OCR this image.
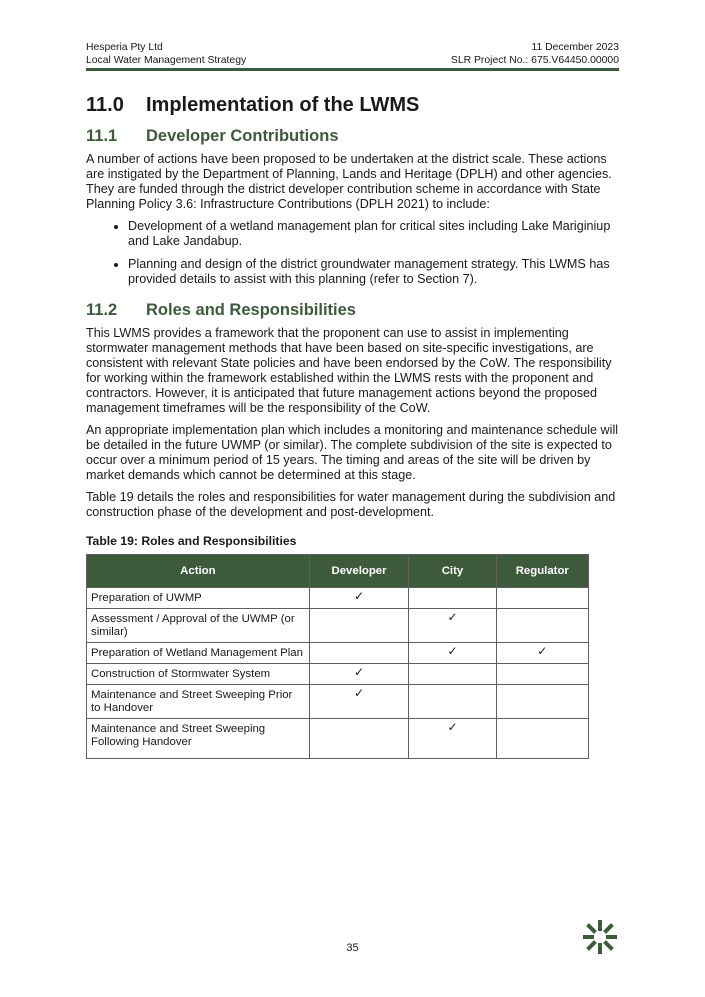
Hesperia Pty Ltd	11 December 2023
Local Water Management Strategy	SLR Project No.: 675.V64450.00000
11.0	Implementation of the LWMS
11.1	Developer Contributions

A number of actions have been proposed to be undertaken at the district scale. These actions are instigated by the Department of Planning, Lands and Heritage (DPLH) and other agencies. They are funded through the district developer contribution scheme in accordance with State Planning Policy 3.6: Infrastructure Contributions (DPLH 2021) to include:

• Development of a wetland management plan for critical sites including Lake Mariginiup and Lake Jandabup.
• Planning and design of the district groundwater management strategy. This LWMS has provided details to assist with this planning (refer to Section 7).
11.2	Roles and Responsibilities

This LWMS provides a framework that the proponent can use to assist in implementing stormwater management methods that have been based on site-specific investigations, are consistent with relevant State policies and have been endorsed by the CoW. The responsibility for working within the framework established within the LWMS rests with the proponent and contractors. However, it is anticipated that future management actions beyond the proposed management timeframes will be the responsibility of the CoW.

An appropriate implementation plan which includes a monitoring and maintenance schedule will be detailed in the future UWMP (or similar). The complete subdivision of the site is expected to occur over a minimum period of 15 years. The timing and areas of the site will be driven by market demands which cannot be determined at this stage.

Table 19 details the roles and responsibilities for water management during the subdivision and construction phase of the development and post-development.

Table 19: Roles and Responsibilities
Action	Developer	City	Regulator
Preparation of UWMP	✓		
Assessment / Approval of the UWMP (or similar)		✓	
Preparation of Wetland Management Plan		✓	✓
Construction of Stormwater System	✓		
Maintenance and Street Sweeping Prior to Handover	✓		
Maintenance and Street Sweeping Following Handover		✓	
35
